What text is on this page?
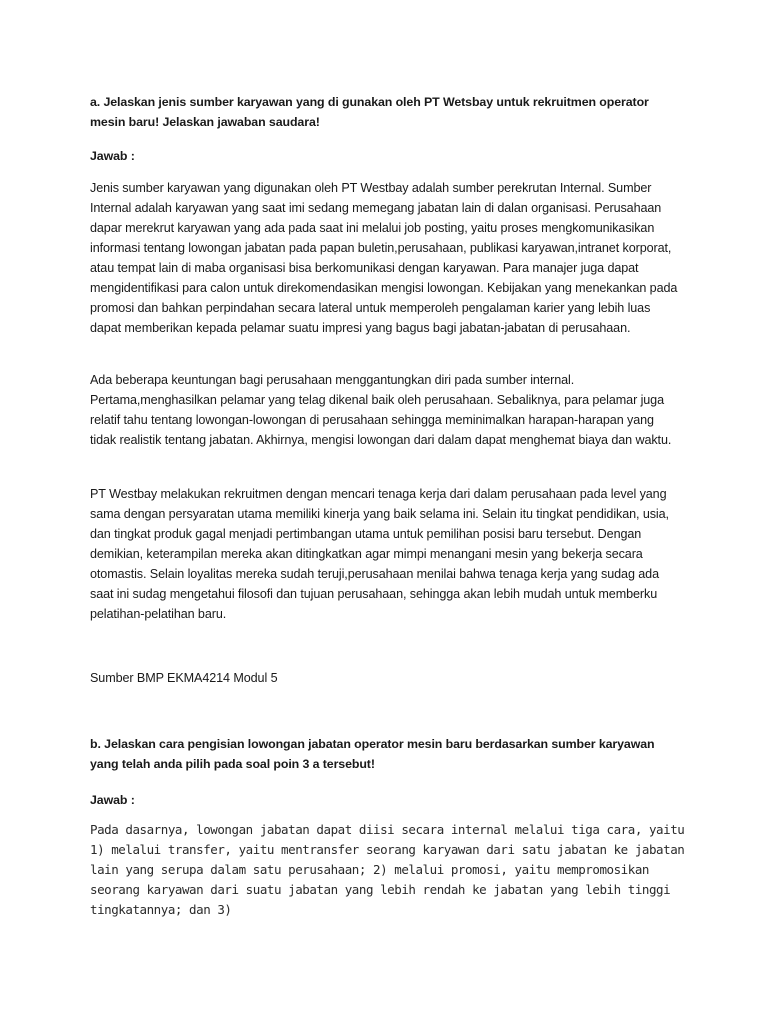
a. Jelaskan jenis sumber karyawan yang di gunakan oleh PT Wetsbay untuk rekruitmen operator mesin baru! Jelaskan jawaban saudara!

Jawab :

Jenis sumber karyawan yang digunakan oleh PT Westbay adalah sumber perekrutan Internal. Sumber Internal adalah karyawan yang saat imi sedang memegang jabatan lain di dalan organisasi. Perusahaan dapar merekrut karyawan yang ada pada saat ini melalui job posting, yaitu proses mengkomunikasikan informasi tentang lowongan jabatan pada papan buletin,perusahaan, publikasi karyawan,intranet korporat, atau tempat lain di maba organisasi bisa berkomunikasi dengan karyawan. Para manajer juga dapat mengidentifikasi para calon untuk direkomendasikan mengisi lowongan. Kebijakan yang menekankan pada promosi dan bahkan perpindahan secara lateral untuk memperoleh pengalaman karier yang lebih luas dapat memberikan kepada pelamar suatu impresi yang bagus bagi jabatan-jabatan di perusahaan.

Ada beberapa keuntungan bagi perusahaan menggantungkan diri pada sumber internal. Pertama,menghasilkan pelamar yang telag dikenal baik oleh perusahaan. Sebaliknya, para pelamar juga relatif tahu tentang lowongan-lowongan di perusahaan sehingga meminimalkan harapan-harapan yang tidak realistik tentang jabatan. Akhirnya, mengisi lowongan dari dalam dapat menghemat biaya dan waktu.

PT Westbay melakukan rekruitmen dengan mencari tenaga kerja dari dalam perusahaan pada level yang sama dengan persyaratan utama memiliki kinerja yang baik selama ini. Selain itu tingkat pendidikan, usia, dan tingkat produk gagal menjadi pertimbangan utama untuk pemilihan posisi baru tersebut. Dengan demikian, keterampilan mereka akan ditingkatkan agar mimpi menangani mesin yang bekerja secara otomastis. Selain loyalitas mereka sudah teruji,perusahaan menilai bahwa tenaga kerja yang sudag ada saat ini sudag mengetahui filosofi dan tujuan perusahaan, sehingga akan lebih mudah untuk memberku pelatihan-pelatihan baru.

Sumber BMP EKMA4214 Modul 5

b. Jelaskan cara pengisian lowongan jabatan operator mesin baru berdasarkan sumber karyawan yang telah anda pilih pada soal poin 3 a tersebut!

Jawab :

Pada dasarnya, lowongan jabatan dapat diisi secara internal melalui tiga cara, yaitu 1) melalui transfer, yaitu mentransfer seorang karyawan dari satu jabatan ke jabatan lain yang serupa dalam satu perusahaan; 2) melalui promosi, yaitu mempromosikan seorang karyawan dari suatu jabatan yang lebih rendah ke jabatan yang lebih tinggi tingkatannya; dan 3)
